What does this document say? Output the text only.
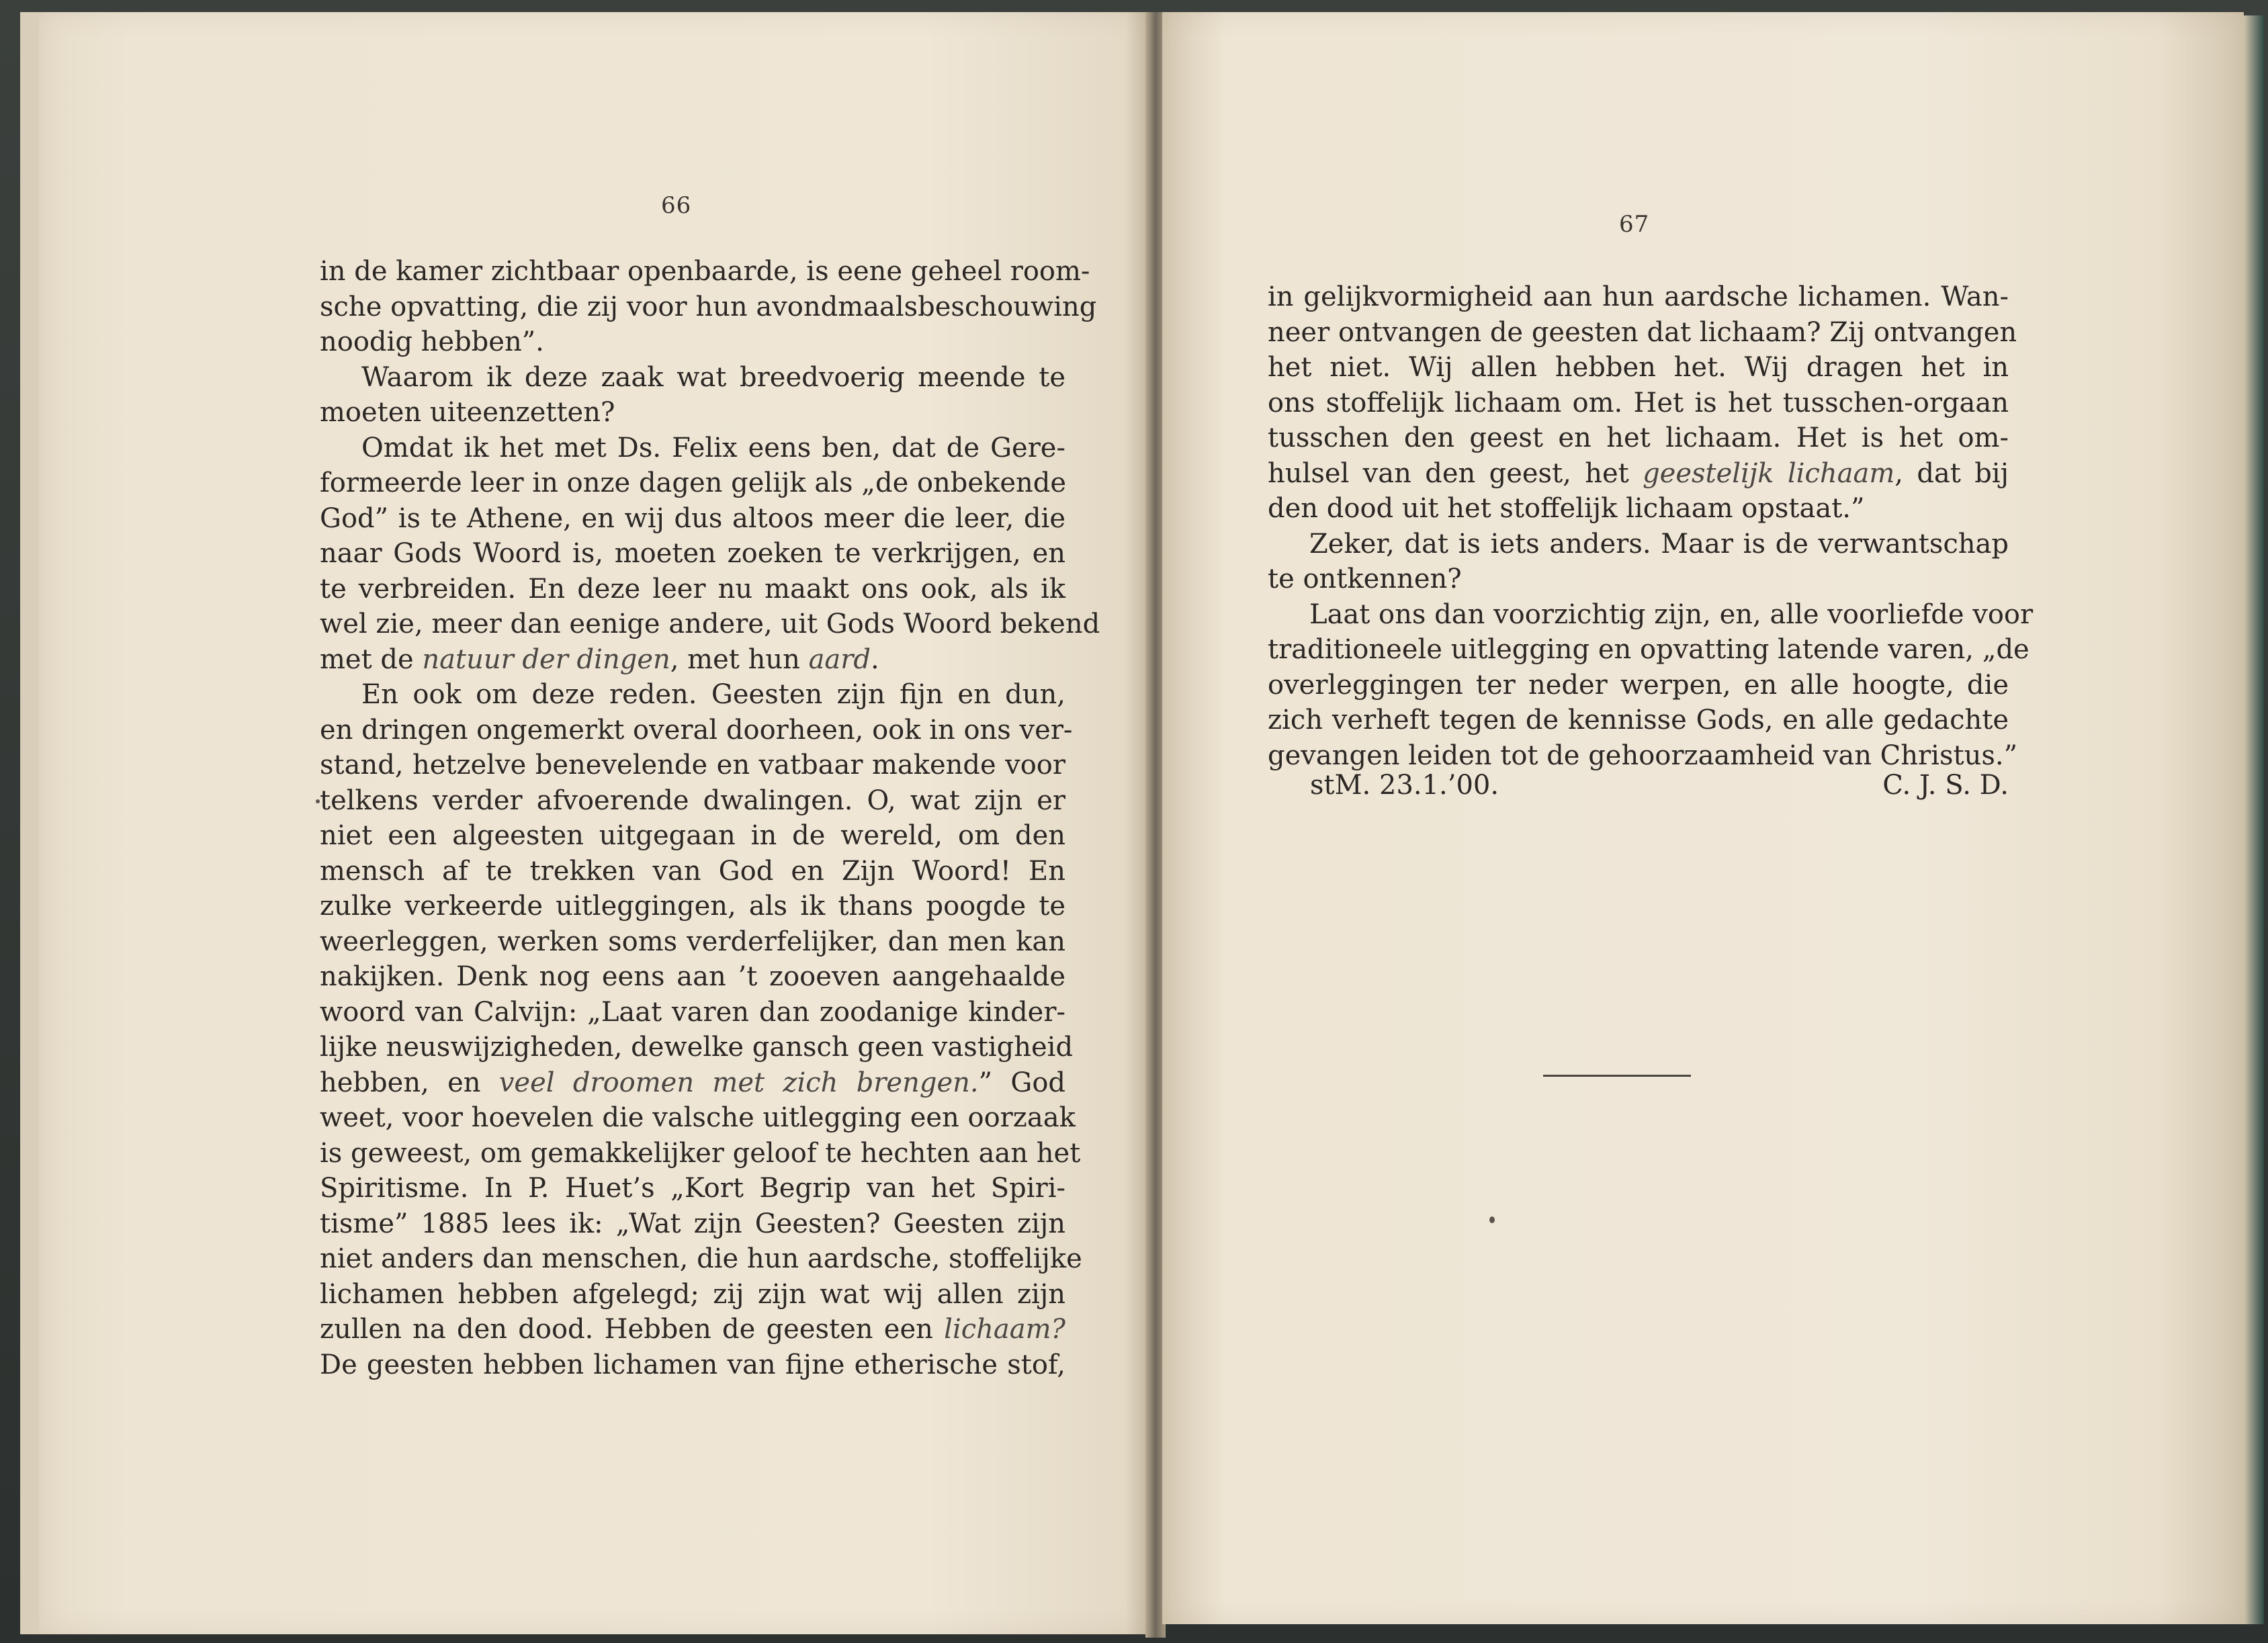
66
in de kamer zichtbaar openbaarde, is eene geheel room-
sche opvatting, die zij voor hun avondmaalsbeschouwing
noodig hebben”.
Waarom ik deze zaak wat breedvoerig meende te
moeten uiteenzetten?
Omdat ik het met Ds. Felix eens ben, dat de Gere-
formeerde leer in onze dagen gelijk als „de onbekende
God” is te Athene, en wij dus altoos meer die leer, die
naar Gods Woord is, moeten zoeken te verkrijgen, en
te verbreiden. En deze leer nu maakt ons ook, als ik
wel zie, meer dan eenige andere, uit Gods Woord bekend
met de natuur der dingen, met hun aard.
En ook om deze reden. Geesten zijn fijn en dun,
en dringen ongemerkt overal doorheen, ook in ons ver-
stand, hetzelve benevelende en vatbaar makende voor
telkens verder afvoerende dwalingen. O, wat zijn er
niet een algeesten uitgegaan in de wereld, om den
mensch af te trekken van God en Zijn Woord! En
zulke verkeerde uitleggingen, als ik thans poogde te
weerleggen, werken soms verderfelijker, dan men kan
nakijken. Denk nog eens aan ’t zooeven aangehaalde
woord van Calvijn: „Laat varen dan zoodanige kinder-
lijke neuswijzigheden, dewelke gansch geen vastigheid
hebben, en veel droomen met zich brengen.” God
weet, voor hoevelen die valsche uitlegging een oorzaak
is geweest, om gemakkelijker geloof te hechten aan het
Spiritisme. In P. Huet’s „Kort Begrip van het Spiri-
tisme” 1885 lees ik: „Wat zijn Geesten? Geesten zijn
niet anders dan menschen, die hun aardsche, stoffelijke
lichamen hebben afgelegd; zij zijn wat wij allen zijn
zullen na den dood. Hebben de geesten een lichaam?
De geesten hebben lichamen van fijne etherische stof,
67
in gelijkvormigheid aan hun aardsche lichamen. Wan-
neer ontvangen de geesten dat lichaam? Zij ontvangen
het niet. Wij allen hebben het. Wij dragen het in
ons stoffelijk lichaam om. Het is het tusschen-orgaan
tusschen den geest en het lichaam. Het is het om-
hulsel van den geest, het geestelijk lichaam, dat bij
den dood uit het stoffelijk lichaam opstaat.”
Zeker, dat is iets anders. Maar is de verwantschap
te ontkennen?
Laat ons dan voorzichtig zijn, en, alle voorliefde voor
traditioneele uitlegging en opvatting latende varen, „de
overleggingen ter neder werpen, en alle hoogte, die
zich verheft tegen de kennisse Gods, en alle gedachte
gevangen leiden tot de gehoorzaamheid van Christus.”
stM. 23.1.’00.	C. J. S. D.
